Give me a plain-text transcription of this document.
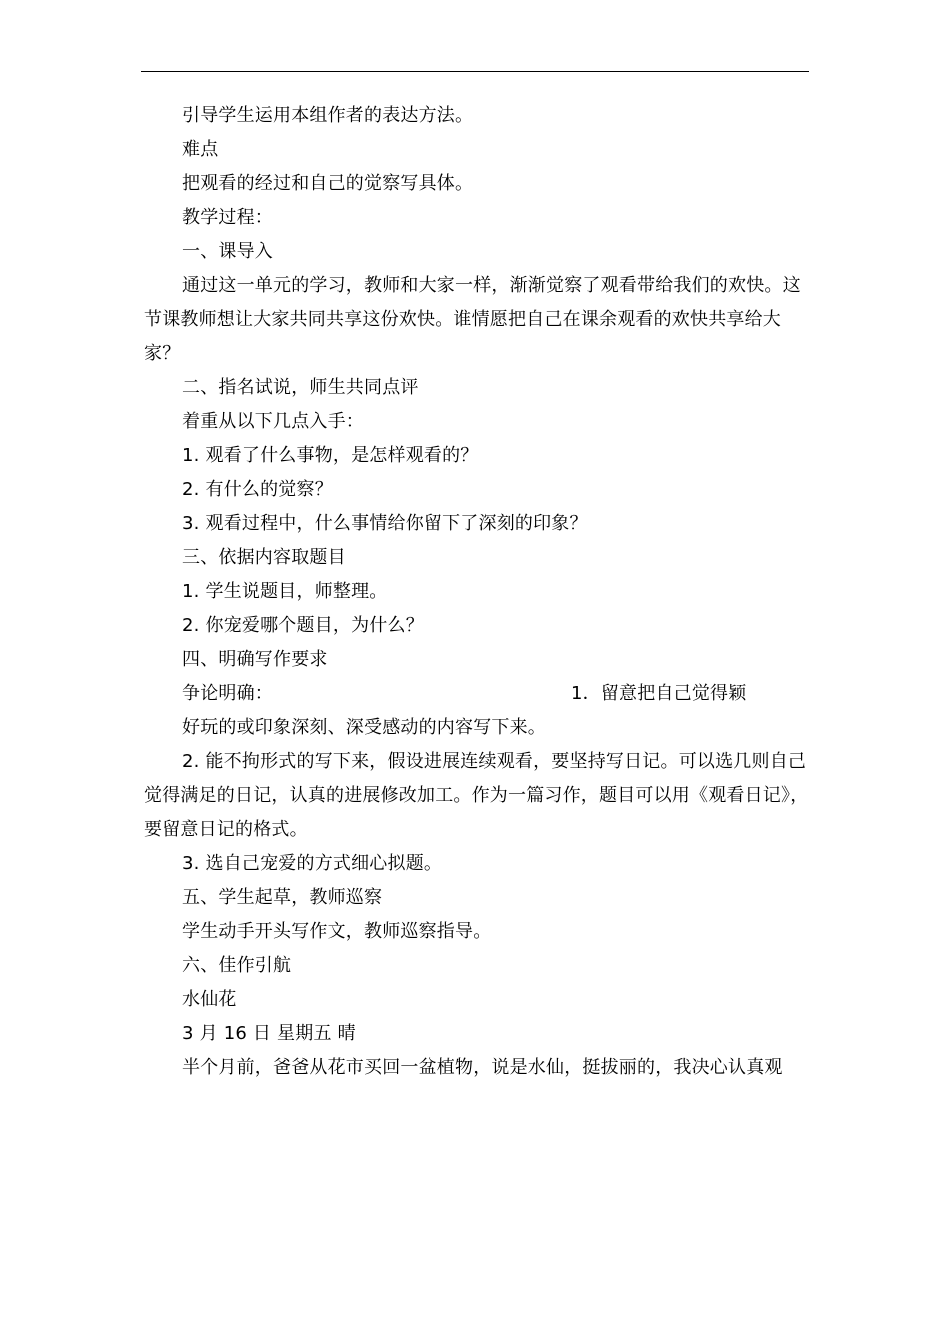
引导学生运用本组作者的表达方法。

难点

把观看的经过和自己的觉察写具体。

教学过程：

一、课导入

通过这一单元的学习，教师和大家一样，渐渐觉察了观看带给我们的欢快。这节课教师想让大家共同共享这份欢快。谁情愿把自己在课余观看的欢快共享给大家？

二、指名试说，师生共同点评

着重从以下几点入手：

1. 观看了什么事物，是怎样观看的？

2. 有什么的觉察？

3. 观看过程中，什么事情给你留下了深刻的印象？

三、依据内容取题目

1. 学生说题目，师整理。

2. 你宠爱哪个题目，为什么？

四、明确写作要求

争论明确：	1．留意把自己觉得颖

好玩的或印象深刻、深受感动的内容写下来。

2. 能不拘形式的写下来，假设进展连续观看，要坚持写日记。可以选几则自己觉得满足的日记，认真的进展修改加工。作为一篇习作，题目可以用《观看日记》，要留意日记的格式。

3. 选自己宠爱的方式细心拟题。

五、学生起草，教师巡察

学生动手开头写作文，教师巡察指导。

六、佳作引航

水仙花

3 月 16 日 星期五 晴

半个月前，爸爸从花市买回一盆植物，说是水仙，挺拔丽的，我决心认真观
